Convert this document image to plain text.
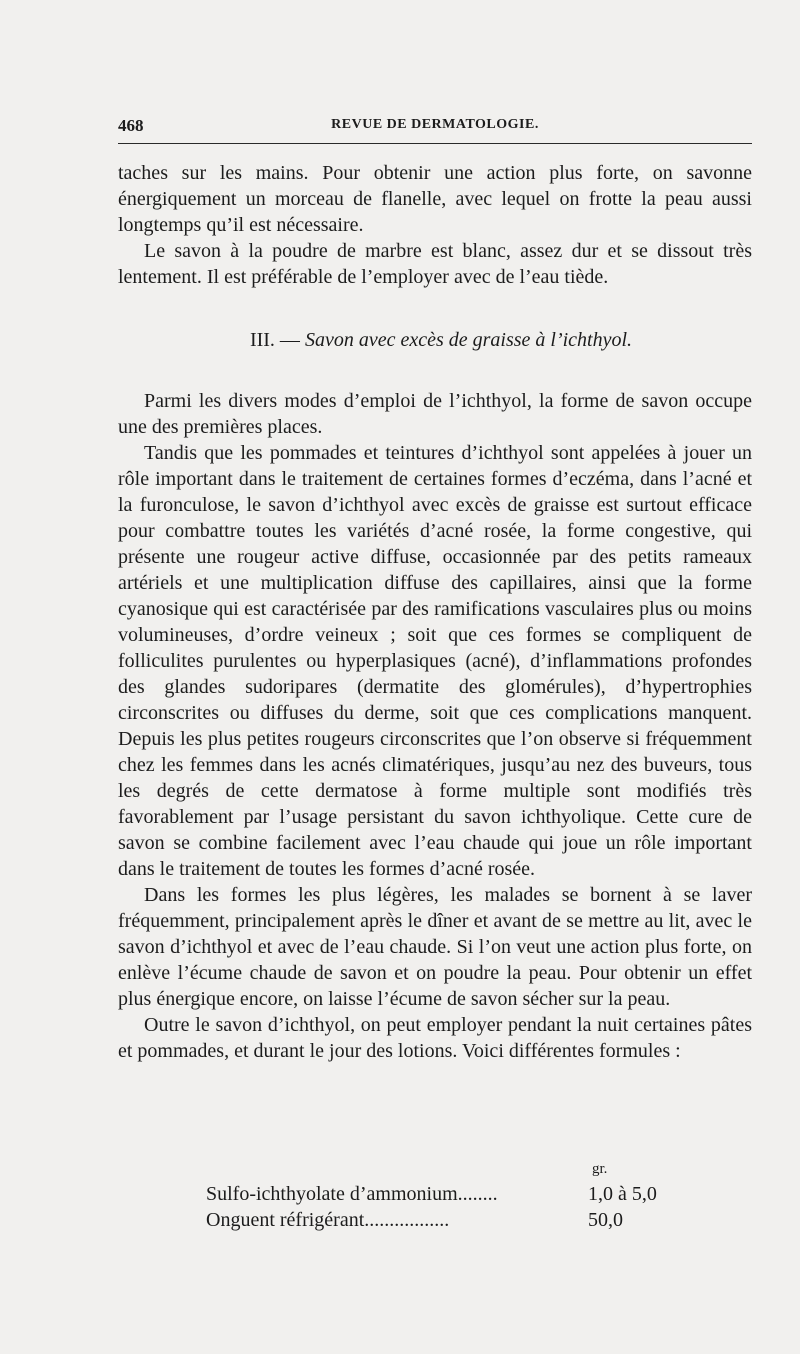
468	REVUE DE DERMATOLOGIE.

taches sur les mains. Pour obtenir une action plus forte, on savonne énergiquement un morceau de flanelle, avec lequel on frotte la peau aussi longtemps qu’il est nécessaire.

Le savon à la poudre de marbre est blanc, assez dur et se dissout très lentement. Il est préférable de l’employer avec de l’eau tiède.

III. — Savon avec excès de graisse à l’ichthyol.

Parmi les divers modes d’emploi de l’ichthyol, la forme de savon occupe une des premières places.

Tandis que les pommades et teintures d’ichthyol sont appelées à jouer un rôle important dans le traitement de certaines formes d’eczéma, dans l’acné et la furonculose, le savon d’ichthyol avec excès de graisse est surtout efficace pour combattre toutes les variétés d’acné rosée, la forme congestive, qui présente une rougeur active diffuse, occasionnée par des petits rameaux artériels et une multiplication diffuse des capillaires, ainsi que la forme cyanosique qui est caractérisée par des ramifications vasculaires plus ou moins volumineuses, d’ordre veineux ; soit que ces formes se compliquent de folliculites purulentes ou hyperplasiques (acné), d’inflammations profondes des glandes sudoripares (dermatite des glomérules), d’hypertrophies circonscrites ou diffuses du derme, soit que ces complications manquent. Depuis les plus petites rougeurs circonscrites que l’on observe si fréquemment chez les femmes dans les acnés climatériques, jusqu’au nez des buveurs, tous les degrés de cette dermatose à forme multiple sont modifiés très favorablement par l’usage persistant du savon ichthyolique. Cette cure de savon se combine facilement avec l’eau chaude qui joue un rôle important dans le traitement de toutes les formes d’acné rosée.

Dans les formes les plus légères, les malades se bornent à se laver fréquemment, principalement après le dîner et avant de se mettre au lit, avec le savon d’ichthyol et avec de l’eau chaude. Si l’on veut une action plus forte, on enlève l’écume chaude de savon et on poudre la peau. Pour obtenir un effet plus énergique encore, on laisse l’écume de savon sécher sur la peau.

Outre le savon d’ichthyol, on peut employer pendant la nuit certaines pâtes et pommades, et durant le jour des lotions. Voici différentes formules :

gr.
Sulfo-ichthyolate d’ammonium........	1,0 à 5,0
Onguent réfrigérant.................	50,0
